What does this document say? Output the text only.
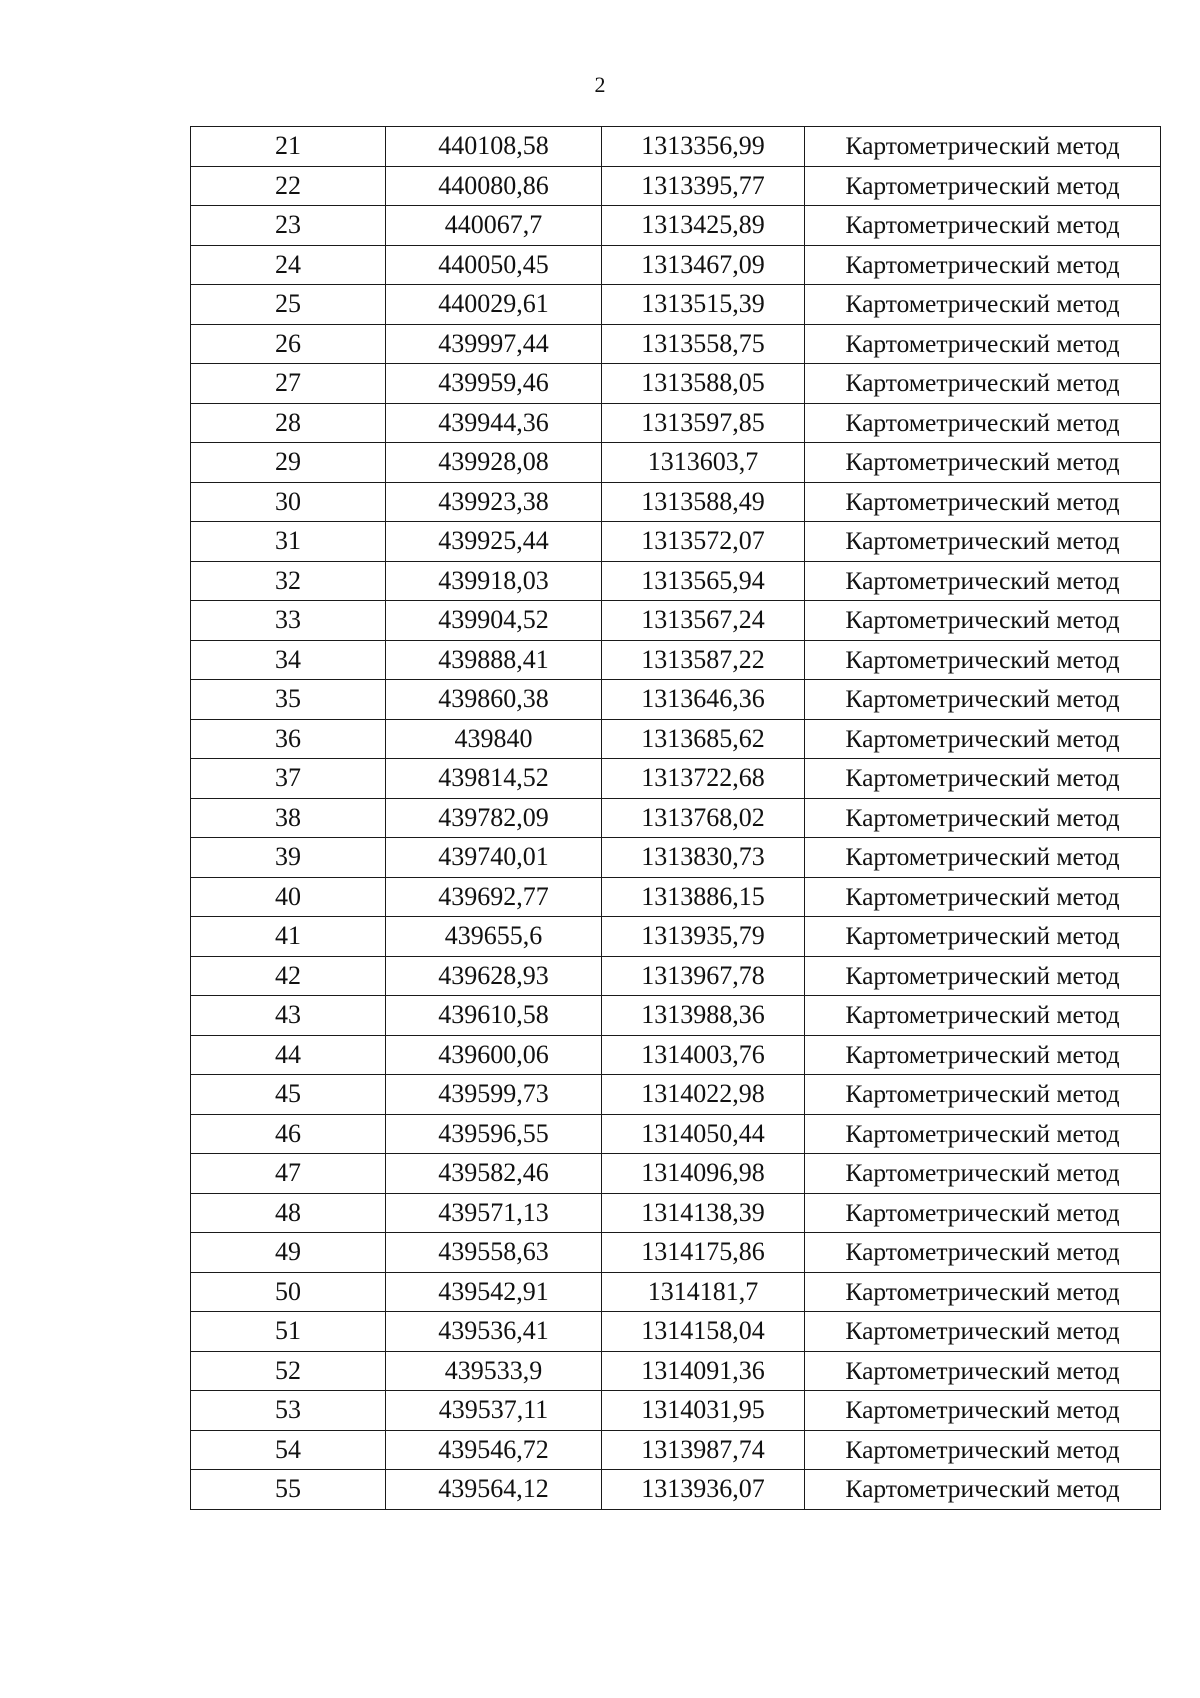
2
21	440108,58	1313356,99	Картометрический метод
22	440080,86	1313395,77	Картометрический метод
23	440067,7	1313425,89	Картометрический метод
24	440050,45	1313467,09	Картометрический метод
25	440029,61	1313515,39	Картометрический метод
26	439997,44	1313558,75	Картометрический метод
27	439959,46	1313588,05	Картометрический метод
28	439944,36	1313597,85	Картометрический метод
29	439928,08	1313603,7	Картометрический метод
30	439923,38	1313588,49	Картометрический метод
31	439925,44	1313572,07	Картометрический метод
32	439918,03	1313565,94	Картометрический метод
33	439904,52	1313567,24	Картометрический метод
34	439888,41	1313587,22	Картометрический метод
35	439860,38	1313646,36	Картометрический метод
36	439840	1313685,62	Картометрический метод
37	439814,52	1313722,68	Картометрический метод
38	439782,09	1313768,02	Картометрический метод
39	439740,01	1313830,73	Картометрический метод
40	439692,77	1313886,15	Картометрический метод
41	439655,6	1313935,79	Картометрический метод
42	439628,93	1313967,78	Картометрический метод
43	439610,58	1313988,36	Картометрический метод
44	439600,06	1314003,76	Картометрический метод
45	439599,73	1314022,98	Картометрический метод
46	439596,55	1314050,44	Картометрический метод
47	439582,46	1314096,98	Картометрический метод
48	439571,13	1314138,39	Картометрический метод
49	439558,63	1314175,86	Картометрический метод
50	439542,91	1314181,7	Картометрический метод
51	439536,41	1314158,04	Картометрический метод
52	439533,9	1314091,36	Картометрический метод
53	439537,11	1314031,95	Картометрический метод
54	439546,72	1313987,74	Картометрический метод
55	439564,12	1313936,07	Картометрический метод
